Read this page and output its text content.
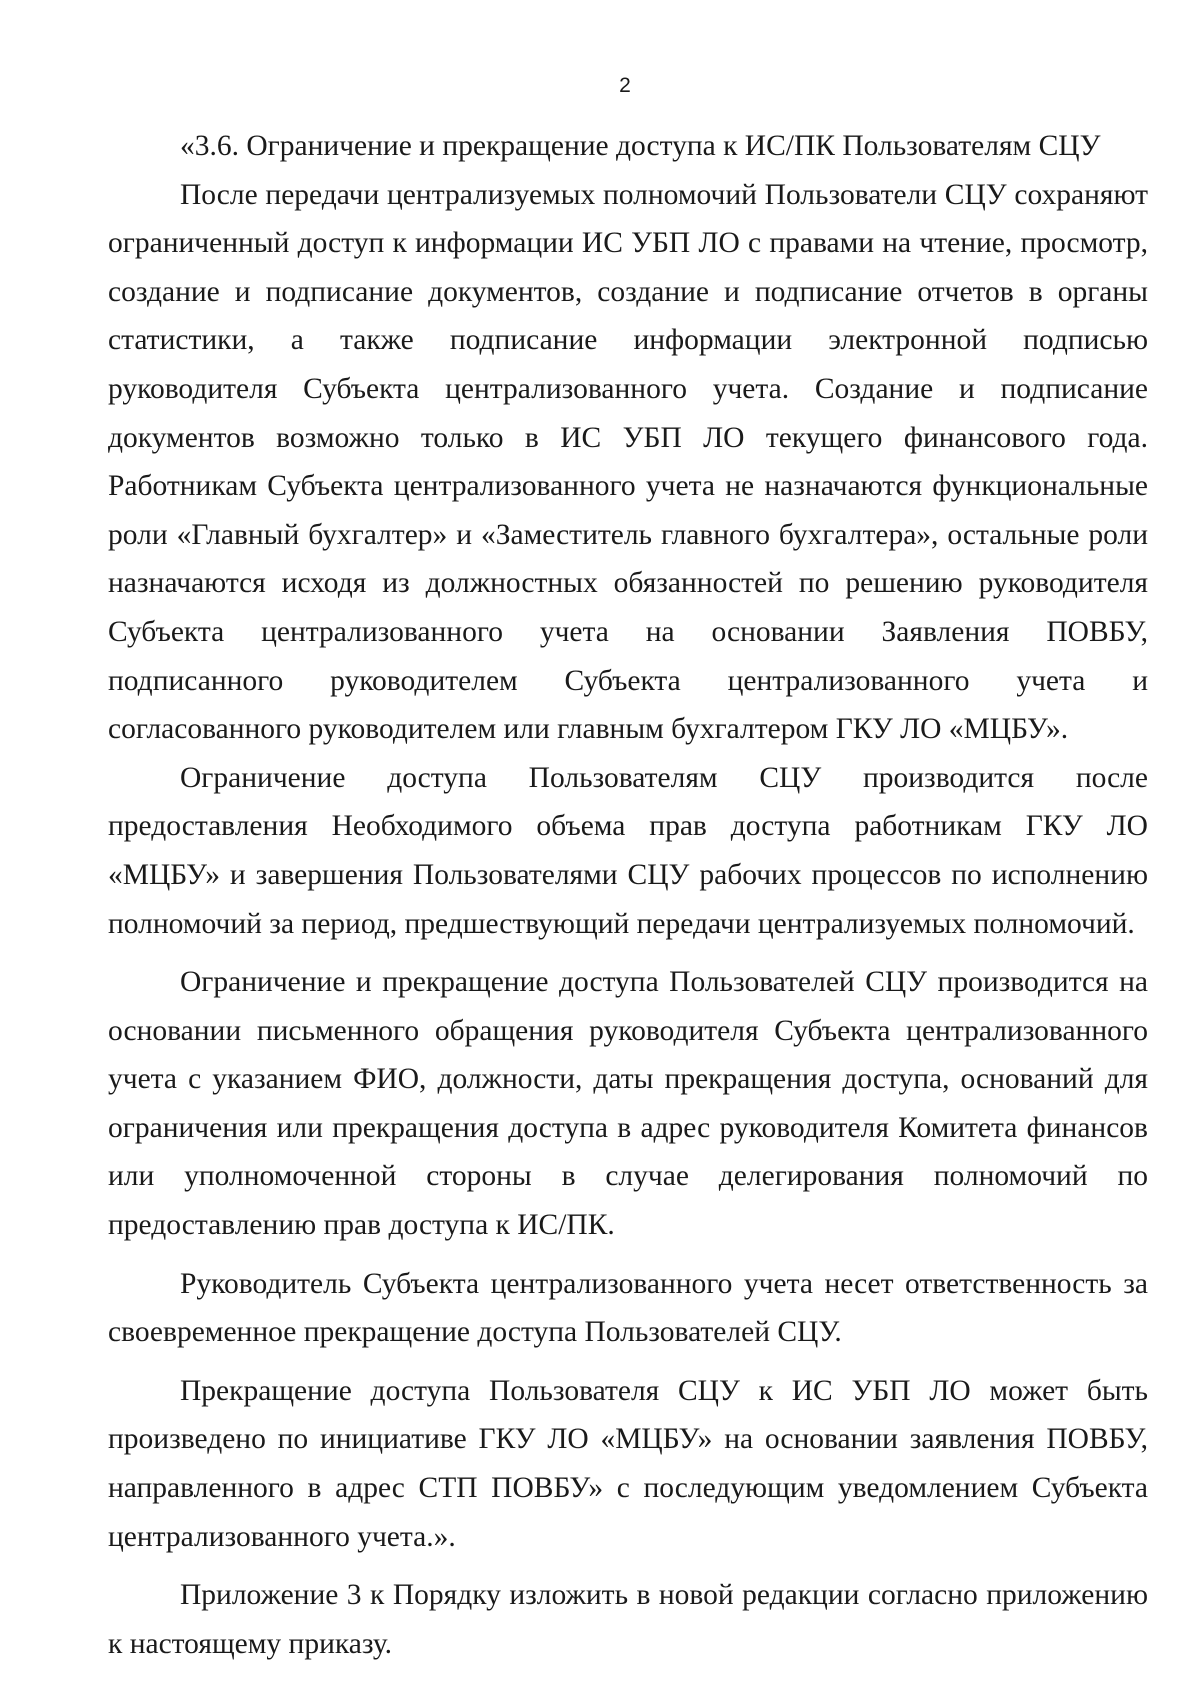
2

«3.6. Ограничение и прекращение доступа к ИС/ПК Пользователям СЦУ

После передачи централизуемых полномочий Пользователи СЦУ сохраняют ограниченный доступ к информации ИС УБП ЛО с правами на чтение, просмотр, создание и подписание документов, создание и подписание отчетов в органы статистики, а также подписание информации электронной подписью руководителя Субъекта централизованного учета. Создание и подписание документов возможно только в ИС УБП ЛО текущего финансового года. Работникам Субъекта централизованного учета не назначаются функциональные роли «Главный бухгалтер» и «Заместитель главного бухгалтера», остальные роли назначаются исходя из должностных обязанностей по решению руководителя Субъекта централизованного учета на основании Заявления ПОВБУ, подписанного руководителем Субъекта централизованного учета и согласованного руководителем или главным бухгалтером ГКУ ЛО «МЦБУ».

Ограничение доступа Пользователям СЦУ производится после предоставления Необходимого объема прав доступа работникам ГКУ ЛО «МЦБУ» и завершения Пользователями СЦУ рабочих процессов по исполнению полномочий за период, предшествующий передачи централизуемых полномочий.

Ограничение и прекращение доступа Пользователей СЦУ производится на основании письменного обращения руководителя Субъекта централизованного учета с указанием ФИО, должности, даты прекращения доступа, оснований для ограничения или прекращения доступа в адрес руководителя Комитета финансов или уполномоченной стороны в случае делегирования полномочий по предоставлению прав доступа к ИС/ПК.

Руководитель Субъекта централизованного учета несет ответственность за своевременное прекращение доступа Пользователей СЦУ.

Прекращение доступа Пользователя СЦУ к ИС УБП ЛО может быть произведено по инициативе ГКУ ЛО «МЦБУ» на основании заявления ПОВБУ, направленного в адрес СТП ПОВБУ» с последующим уведомлением Субъекта централизованного учета.».

Приложение 3 к Порядку изложить в новой редакции согласно приложению к настоящему приказу.
